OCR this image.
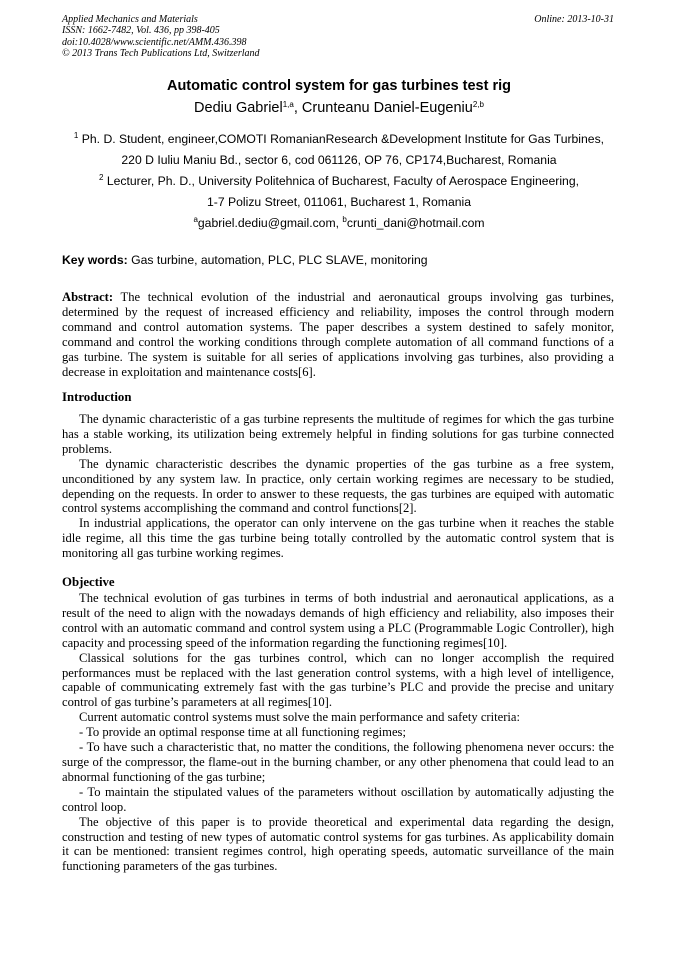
Applied Mechanics and Materials
ISSN: 1662-7482, Vol. 436, pp 398-405
doi:10.4028/www.scientific.net/AMM.436.398
© 2013 Trans Tech Publications Ltd, Switzerland
Online: 2013-10-31
Automatic control system for gas turbines test rig
Dediu Gabriel$^{1,a}$, Crunteanu Daniel-Eugeniu$^{2,b}$
$^1$ Ph. D. Student, engineer,COMOTI RomanianResearch &Development Institute for Gas Turbines,
220 D Iuliu Maniu Bd., sector 6, cod 061126, OP 76, CP174,Bucharest, Romania
$^2$ Lecturer, Ph. D., University Politehnica of Bucharest, Faculty of Aerospace Engineering,
1-7 Polizu Street, 011061, Bucharest 1, Romania
$^a$gabriel.dediu@gmail.com, $^b$crunti_dani@hotmail.com
Key words: Gas turbine, automation, PLC, PLC SLAVE, monitoring

Abstract: The technical evolution of the industrial and aeronautical groups involving gas turbines, determined by the request of increased efficiency and reliability, imposes the control through modern command and control automation systems. The paper describes a system destined to safely monitor, command and control the working conditions through complete automation of all command functions of a gas turbine. The system is suitable for all series of applications involving gas turbines, also providing a decrease in exploitation and maintenance costs[6].

Introduction

The dynamic characteristic of a gas turbine represents the multitude of regimes for which the gas turbine has a stable working, its utilization being extremely helpful in finding solutions for gas turbine connected problems.

The dynamic characteristic describes the dynamic properties of the gas turbine as a free system, unconditioned by any system law. In practice, only certain working regimes are necessary to be studied, depending on the requests. In order to answer to these requests, the gas turbines are equiped with automatic control systems accomplishing the command and control functions[2].

In industrial applications, the operator can only intervene on the gas turbine when it reaches the stable idle regime, all this time the gas turbine being totally controlled by the automatic control system that is monitoring all gas turbine working regimes.

Objective

The technical evolution of gas turbines in terms of both industrial and aeronautical applications, as a result of the need to align with the nowadays demands of high efficiency and reliability, also imposes their control with an automatic command and control system using a PLC (Programmable Logic Controller), high capacity and processing speed of the information regarding the functioning regimes[10].

Classical solutions for the gas turbines control, which can no longer accomplish the required performances must be replaced with the last generation control systems, with a high level of intelligence, capable of communicating extremely fast with the gas turbine’s PLC and provide the precise and unitary control of gas turbine’s parameters at all regimes[10].

Current automatic control systems must solve the main performance and safety criteria:

- To provide an optimal response time at all functioning regimes;

- To have such a characteristic that, no matter the conditions, the following phenomena never occurs: the surge of the compressor, the flame-out in the burning chamber, or any other phenomena that could lead to an abnormal functioning of the gas turbine;

- To maintain the stipulated values of the parameters without oscillation by automatically adjusting the control loop.

The objective of this paper is to provide theoretical and experimental data regarding the design, construction and testing of new types of automatic control systems for gas turbines. As applicability domain it can be mentioned: transient regimes control, high operating speeds, automatic surveillance of the main functioning parameters of the gas turbines.
